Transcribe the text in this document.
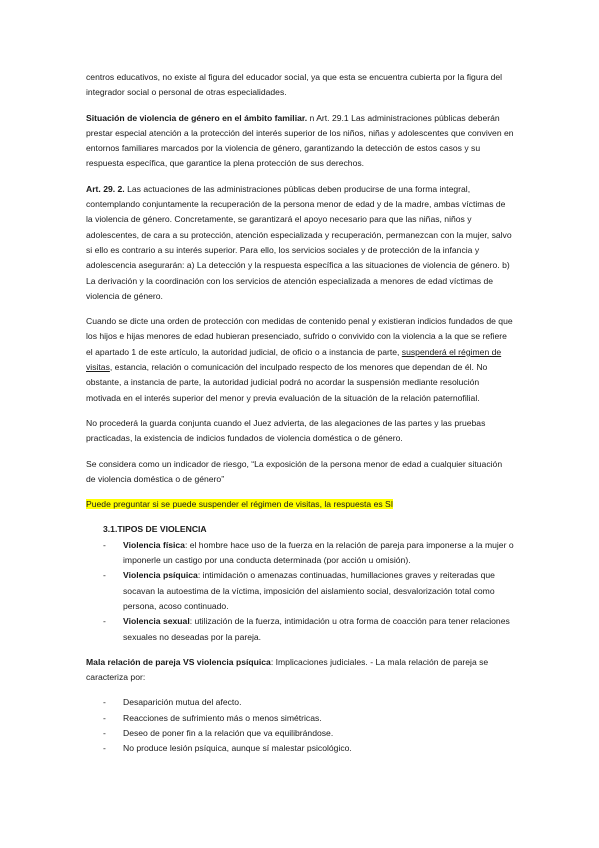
centros educativos, no existe al figura del educador social, ya que esta se encuentra cubierta por la figura del integrador social o personal de otras especialidades.

Situación de violencia de género en el ámbito familiar. n Art. 29.1 Las administraciones públicas deberán prestar especial atención a la protección del interés superior de los niños, niñas y adolescentes que conviven en entornos familiares marcados por la violencia de género, garantizando la detección de estos casos y su respuesta específica, que garantice la plena protección de sus derechos.

Art. 29. 2. Las actuaciones de las administraciones públicas deben producirse de una forma integral, contemplando conjuntamente la recuperación de la persona menor de edad y de la madre, ambas víctimas de la violencia de género. Concretamente, se garantizará el apoyo necesario para que las niñas, niños y adolescentes, de cara a su protección, atención especializada y recuperación, permanezcan con la mujer, salvo si ello es contrario a su interés superior. Para ello, los servicios sociales y de protección de la infancia y adolescencia asegurarán: a) La detección y la respuesta específica a las situaciones de violencia de género. b) La derivación y la coordinación con los servicios de atención especializada a menores de edad víctimas de violencia de género.

Cuando se dicte una orden de protección con medidas de contenido penal y existieran indicios fundados de que los hijos e hijas menores de edad hubieran presenciado, sufrido o convivido con la violencia a la que se refiere el apartado 1 de este artículo, la autoridad judicial, de oficio o a instancia de parte, suspenderá el régimen de visitas, estancia, relación o comunicación del inculpado respecto de los menores que dependan de él. No obstante, a instancia de parte, la autoridad judicial podrá no acordar la suspensión mediante resolución motivada en el interés superior del menor y previa evaluación de la situación de la relación paternofilial.

No procederá la guarda conjunta cuando el Juez advierta, de las alegaciones de las partes y las pruebas practicadas, la existencia de indicios fundados de violencia doméstica o de género.

Se considera como un indicador de riesgo, “La exposición de la persona menor de edad a cualquier situación de violencia doméstica o de género”

Puede preguntar si se puede suspender el régimen de visitas, la respuesta es SI

3.1.TIPOS DE VIOLENCIA
- Violencia física: el hombre hace uso de la fuerza en la relación de pareja para imponerse a la mujer o imponerle un castigo por una conducta determinada (por acción u omisión).
- Violencia psíquica: intimidación o amenazas continuadas, humillaciones graves y reiteradas que socavan la autoestima de la víctima, imposición del aislamiento social, desvalorización total como persona, acoso continuado.
- Violencia sexual: utilización de la fuerza, intimidación u otra forma de coacción para tener relaciones sexuales no deseadas por la pareja.

Mala relación de pareja VS violencia psíquica: Implicaciones judiciales. - La mala relación de pareja se caracteriza por:

- Desaparición mutua del afecto.
- Reacciones de sufrimiento más o menos simétricas.
- Deseo de poner fin a la relación que va equilibrándose.
- No produce lesión psíquica, aunque sí malestar psicológico.
